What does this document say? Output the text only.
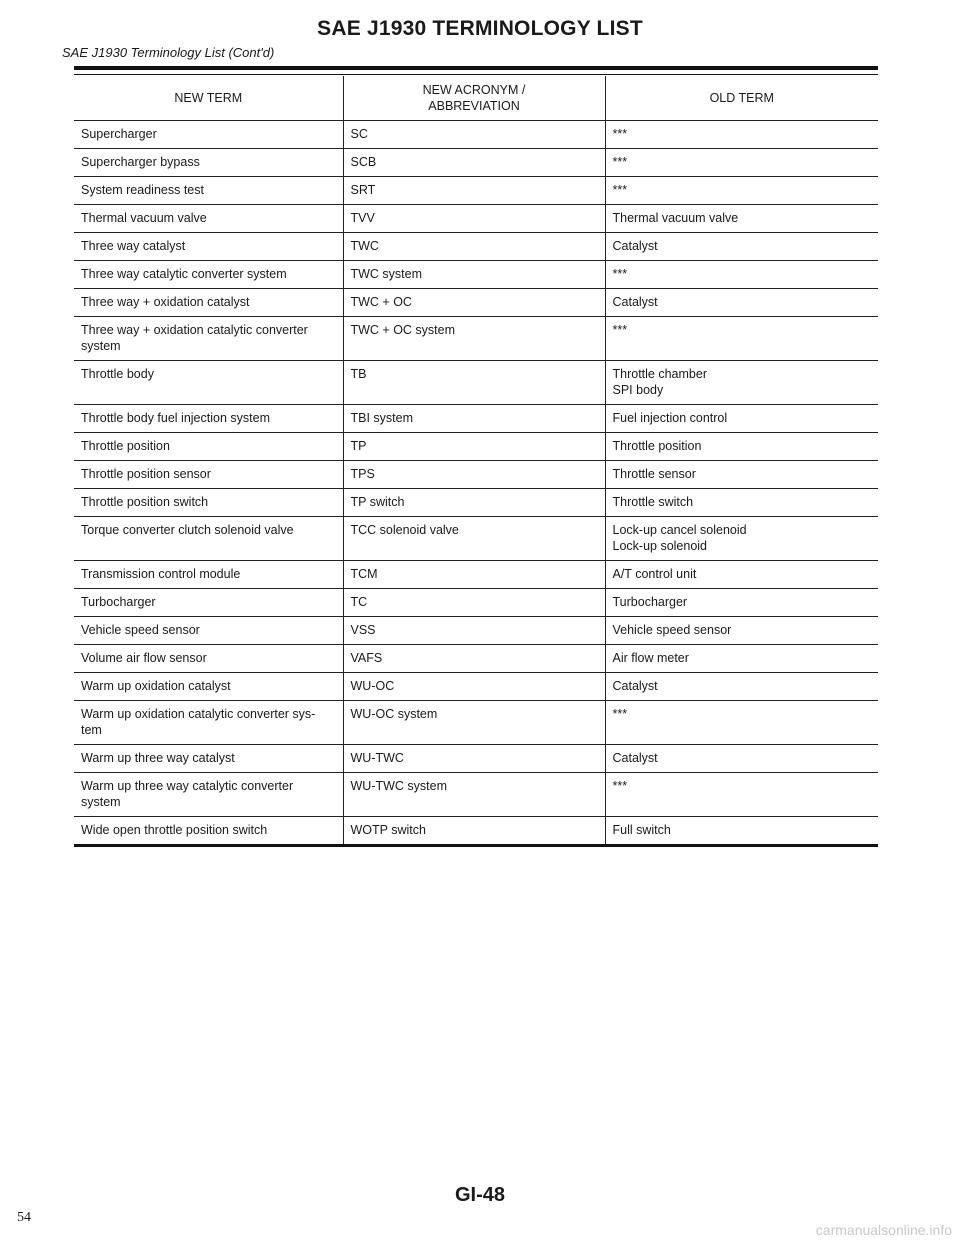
SAE J1930 TERMINOLOGY LIST
SAE J1930 Terminology List (Cont'd)
NEW TERM	NEW ACRONYM / ABBREVIATION	OLD TERM

Supercharger	SC	***

Supercharger bypass	SCB	***

System readiness test	SRT	***

Thermal vacuum valve	TVV	Thermal vacuum valve

Three way catalyst	TWC	Catalyst

Three way catalytic converter system	TWC system	***

Three way + oxidation catalyst	TWC + OC	Catalyst

Three way + oxidation catalytic converter
system	TWC + OC system	***

Throttle body	TB	Throttle chamber
SPI body

Throttle body fuel injection system	TBI system	Fuel injection control

Throttle position	TP	Throttle position

Throttle position sensor	TPS	Throttle sensor

Throttle position switch	TP switch	Throttle switch

Torque converter clutch solenoid valve	TCC solenoid valve	Lock-up cancel solenoid
Lock-up solenoid

Transmission control module	TCM	A/T control unit

Turbocharger	TC	Turbocharger

Vehicle speed sensor	VSS	Vehicle speed sensor

Volume air flow sensor	VAFS	Air flow meter

Warm up oxidation catalyst	WU-OC	Catalyst

Warm up oxidation catalytic converter sys-
tem	WU-OC system	***

Warm up three way catalyst	WU-TWC	Catalyst

Warm up three way catalytic converter
system	WU-TWC system	***

Wide open throttle position switch	WOTP switch	Full switch
GI-48
54
carmanualsonline.info
